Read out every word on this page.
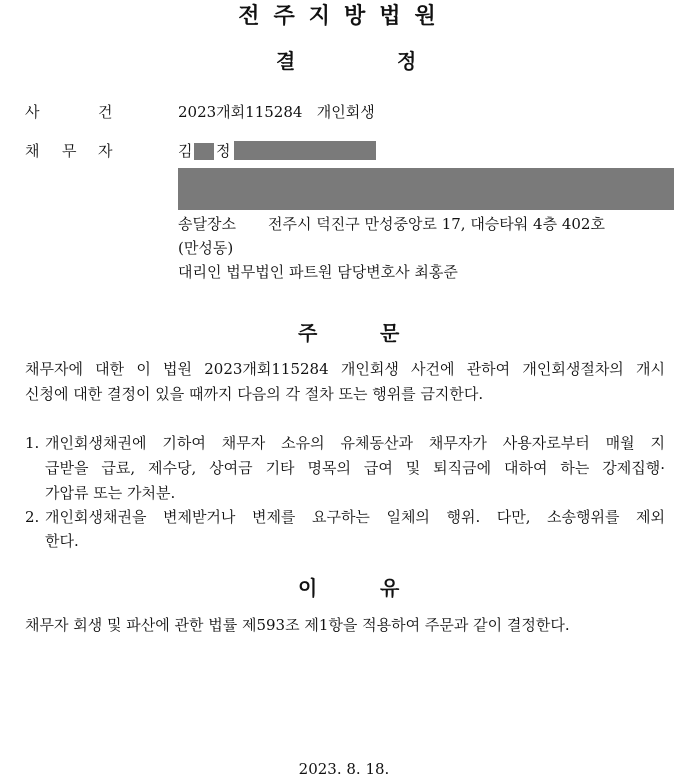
전주지방법원
결	정
사	건	2023개회115284   개인회생
채 무 자	김 정
송달장소 전주시 덕진구 만성중앙로 17, 대승타워 4층 402호
(만성동)
대리인 법무법인 파트원 담당변호사 최홍준
주	문
채무자에 대한 이 법원 2023개회115284 개인회생 사건에 관하여 개인회생절차의 개시
신청에 대한 결정이 있을 때까지 다음의 각 절차 또는 행위를 금지한다.
1. 개인회생채권에 기하여 채무자 소유의 유체동산과 채무자가 사용자로부터 매월 지
급받을 급료, 제수당, 상여금 기타 명목의 급여 및 퇴직금에 대하여 하는 강제집행·
가압류 또는 가처분.
2. 개인회생채권을 변제받거나 변제를 요구하는 일체의 행위. 다만, 소송행위를 제외
한다.
이	유
채무자 회생 및 파산에 관한 법률 제593조 제1항을 적용하여 주문과 같이 결정한다.
2023. 8. 18.
